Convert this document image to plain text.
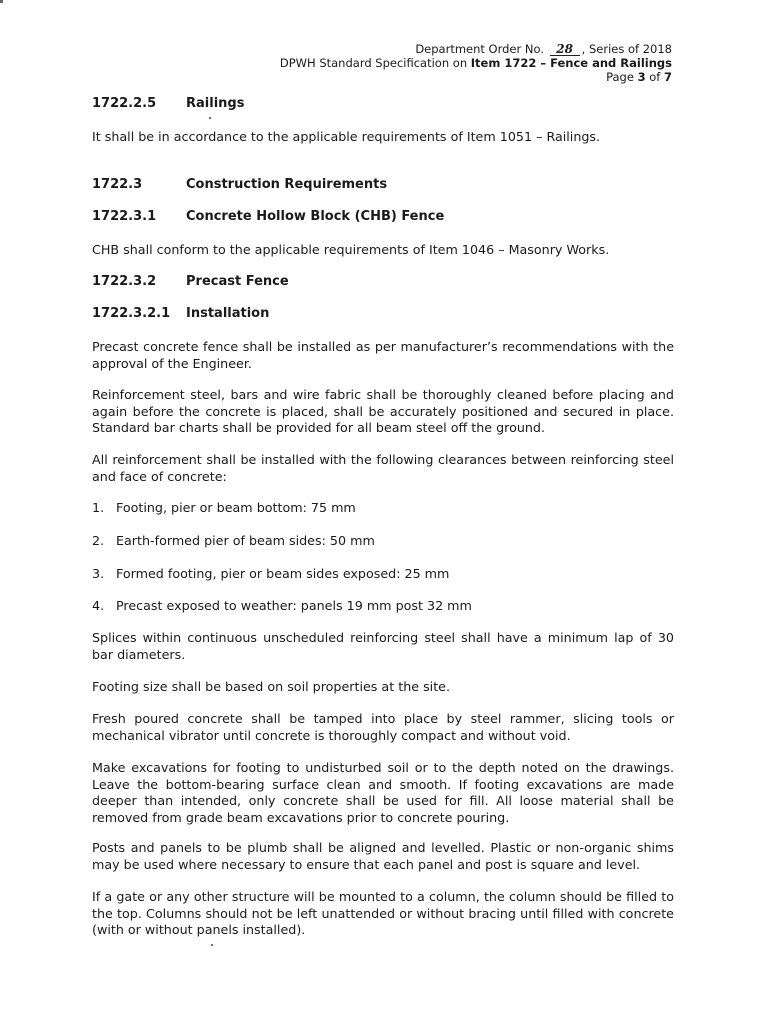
Department Order No. 28 , Series of 2018
DPWH Standard Specification on Item 1722 – Fence and Railings
Page 3 of 7
1722.2.5 Railings
It shall be in accordance to the applicable requirements of Item 1051 – Railings.
1722.3	Construction Requirements
1722.3.1 Concrete Hollow Block (CHB) Fence
CHB shall conform to the applicable requirements of Item 1046 – Masonry Works.
1722.3.2 Precast Fence
1722.3.2.1 Installation
Precast concrete fence shall be installed as per manufacturer’s recommendations with the approval of the Engineer.
Reinforcement steel, bars and wire fabric shall be thoroughly cleaned before placing and again before the concrete is placed, shall be accurately positioned and secured in place. Standard bar charts shall be provided for all beam steel off the ground.
All reinforcement shall be installed with the following clearances between reinforcing steel and face of concrete:
1. Footing, pier or beam bottom: 75 mm
2. Earth-formed pier of beam sides: 50 mm
3. Formed footing, pier or beam sides exposed: 25 mm
4. Precast exposed to weather: panels 19 mm post 32 mm
Splices within continuous unscheduled reinforcing steel shall have a minimum lap of 30 bar diameters.
Footing size shall be based on soil properties at the site.
Fresh poured concrete shall be tamped into place by steel rammer, slicing tools or mechanical vibrator until concrete is thoroughly compact and without void.
Make excavations for footing to undisturbed soil or to the depth noted on the drawings. Leave the bottom-bearing surface clean and smooth. If footing excavations are made deeper than intended, only concrete shall be used for fill. All loose material shall be removed from grade beam excavations prior to concrete pouring.
Posts and panels to be plumb shall be aligned and levelled. Plastic or non-organic shims may be used where necessary to ensure that each panel and post is square and level.
If a gate or any other structure will be mounted to a column, the column should be filled to the top. Columns should not be left unattended or without bracing until filled with concrete (with or without panels installed).
